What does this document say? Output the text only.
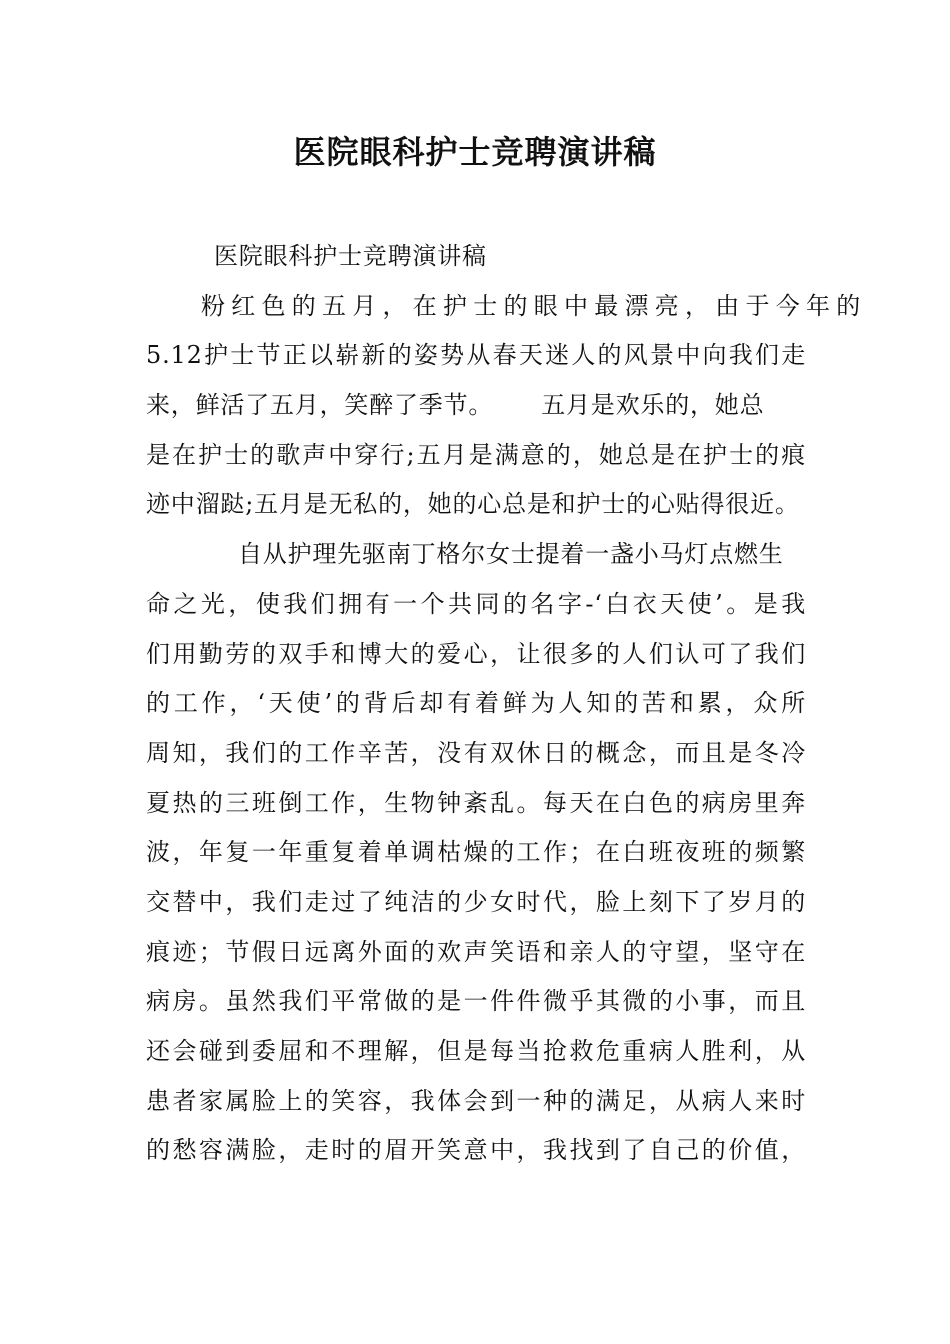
医院眼科护士竞聘演讲稿
医院眼科护士竞聘演讲稿
粉红色的五月，在护士的眼中最漂亮，由于今年的
5.12护士节正以崭新的姿势从春天迷人的风景中向我们走
来，鲜活了五月，笑醉了季节。 五月是欢乐的，她总
是在护士的歌声中穿行;五月是满意的，她总是在护士的痕
迹中溜跶;五月是无私的，她的心总是和护士的心贴得很近。
自从护理先驱南丁格尔女士提着一盏小马灯点燃生
命之光，使我们拥有一个共同的名字-‘白衣天使’。是我
们用勤劳的双手和博大的爱心，让很多的人们认可了我们
的工作，‘天使’的背后却有着鲜为人知的苦和累，众所
周知，我们的工作辛苦，没有双休日的概念，而且是冬冷
夏热的三班倒工作，生物钟紊乱。每天在白色的病房里奔
波，年复一年重复着单调枯燥的工作；在白班夜班的频繁
交替中，我们走过了纯洁的少女时代，脸上刻下了岁月的
痕迹；节假日远离外面的欢声笑语和亲人的守望，坚守在
病房。虽然我们平常做的是一件件微乎其微的小事，而且
还会碰到委屈和不理解，但是每当抢救危重病人胜利，从
患者家属脸上的笑容，我体会到一种的满足，从病人来时
的愁容满脸，走时的眉开笑意中，我找到了自己的价值，
